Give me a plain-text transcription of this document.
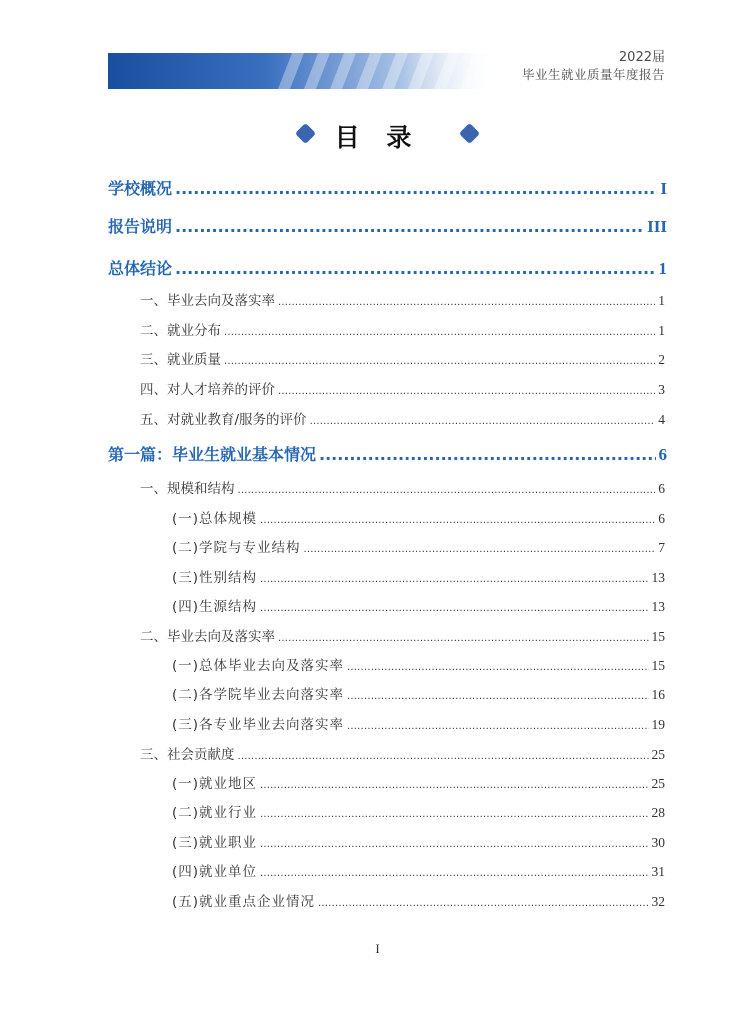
2022届
毕业生就业质量年度报告
目 录
学校概况 .....	I
报告说明 .....	III
总体结论 .....	1
一、毕业去向及落实率 .....	1
二、就业分布 .....	1
三、就业质量 .....	2
四、对人才培养的评价 .....	3
五、对就业教育/服务的评价 .....	4
第一篇：毕业生就业基本情况 .....	6
一、规模和结构 .....	6
(一)总体规模 .....	6
(二)学院与专业结构 .....	7
(三)性别结构 .....	13
(四)生源结构 .....	13
二、毕业去向及落实率 .....	15
(一)总体毕业去向及落实率 .....	15
(二)各学院毕业去向落实率 .....	16
(三)各专业毕业去向落实率 .....	19
三、社会贡献度 .....	25
(一)就业地区 .....	25
(二)就业行业 .....	28
(三)就业职业 .....	30
(四)就业单位 .....	31
(五)就业重点企业情况 .....	32
I
